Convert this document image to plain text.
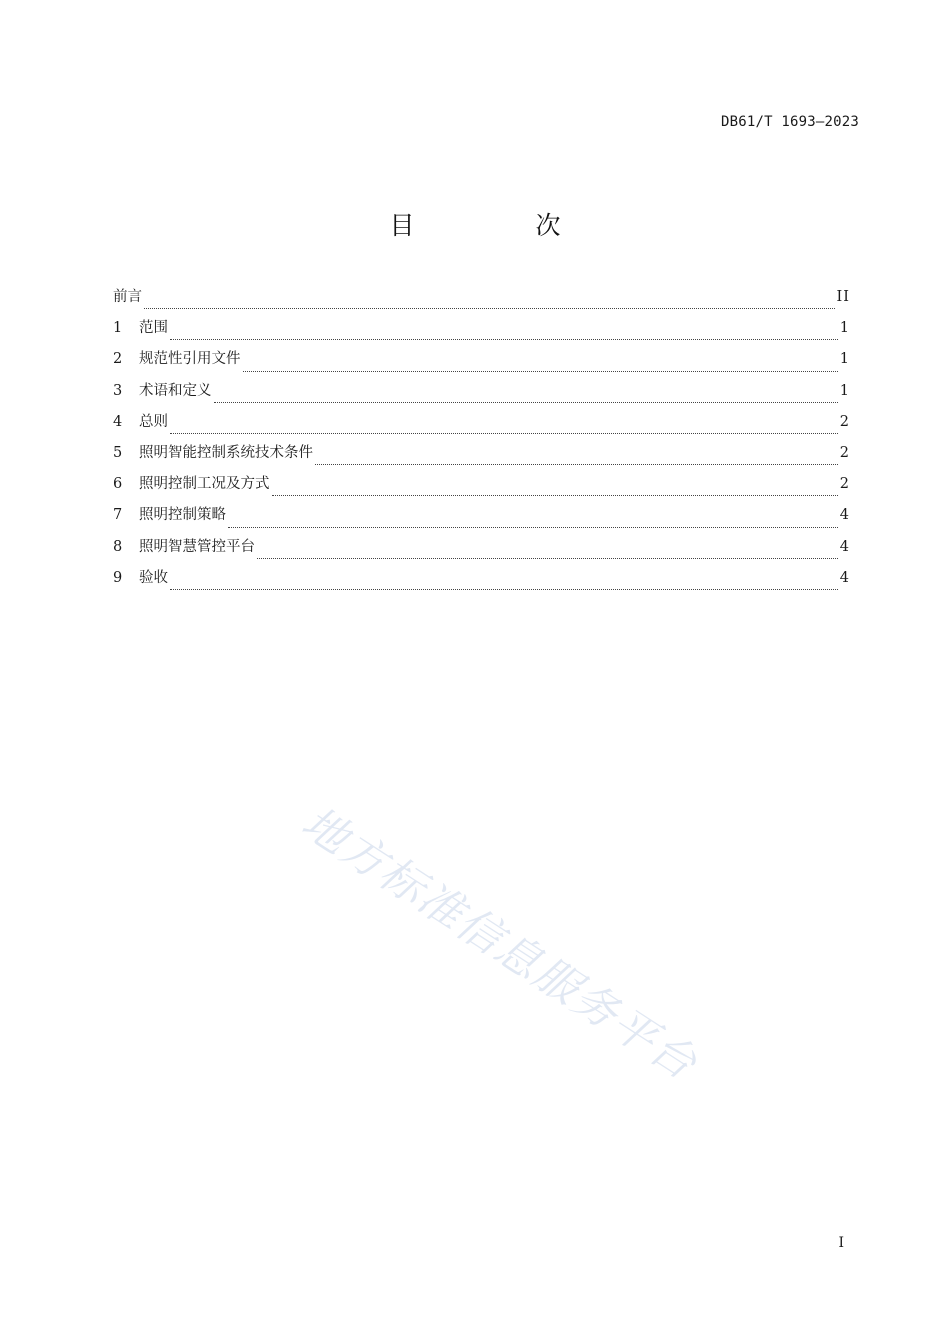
DB61/T 1693—2023
目　次
前言	II
1	范围	1
2	规范性引用文件	1
3	术语和定义	1
4	总则	2
5	照明智能控制系统技术条件	2
6	照明控制工况及方式	2
7	照明控制策略	4
8	照明智慧管控平台	4
9	验收	4
地方标准信息服务平台
I
